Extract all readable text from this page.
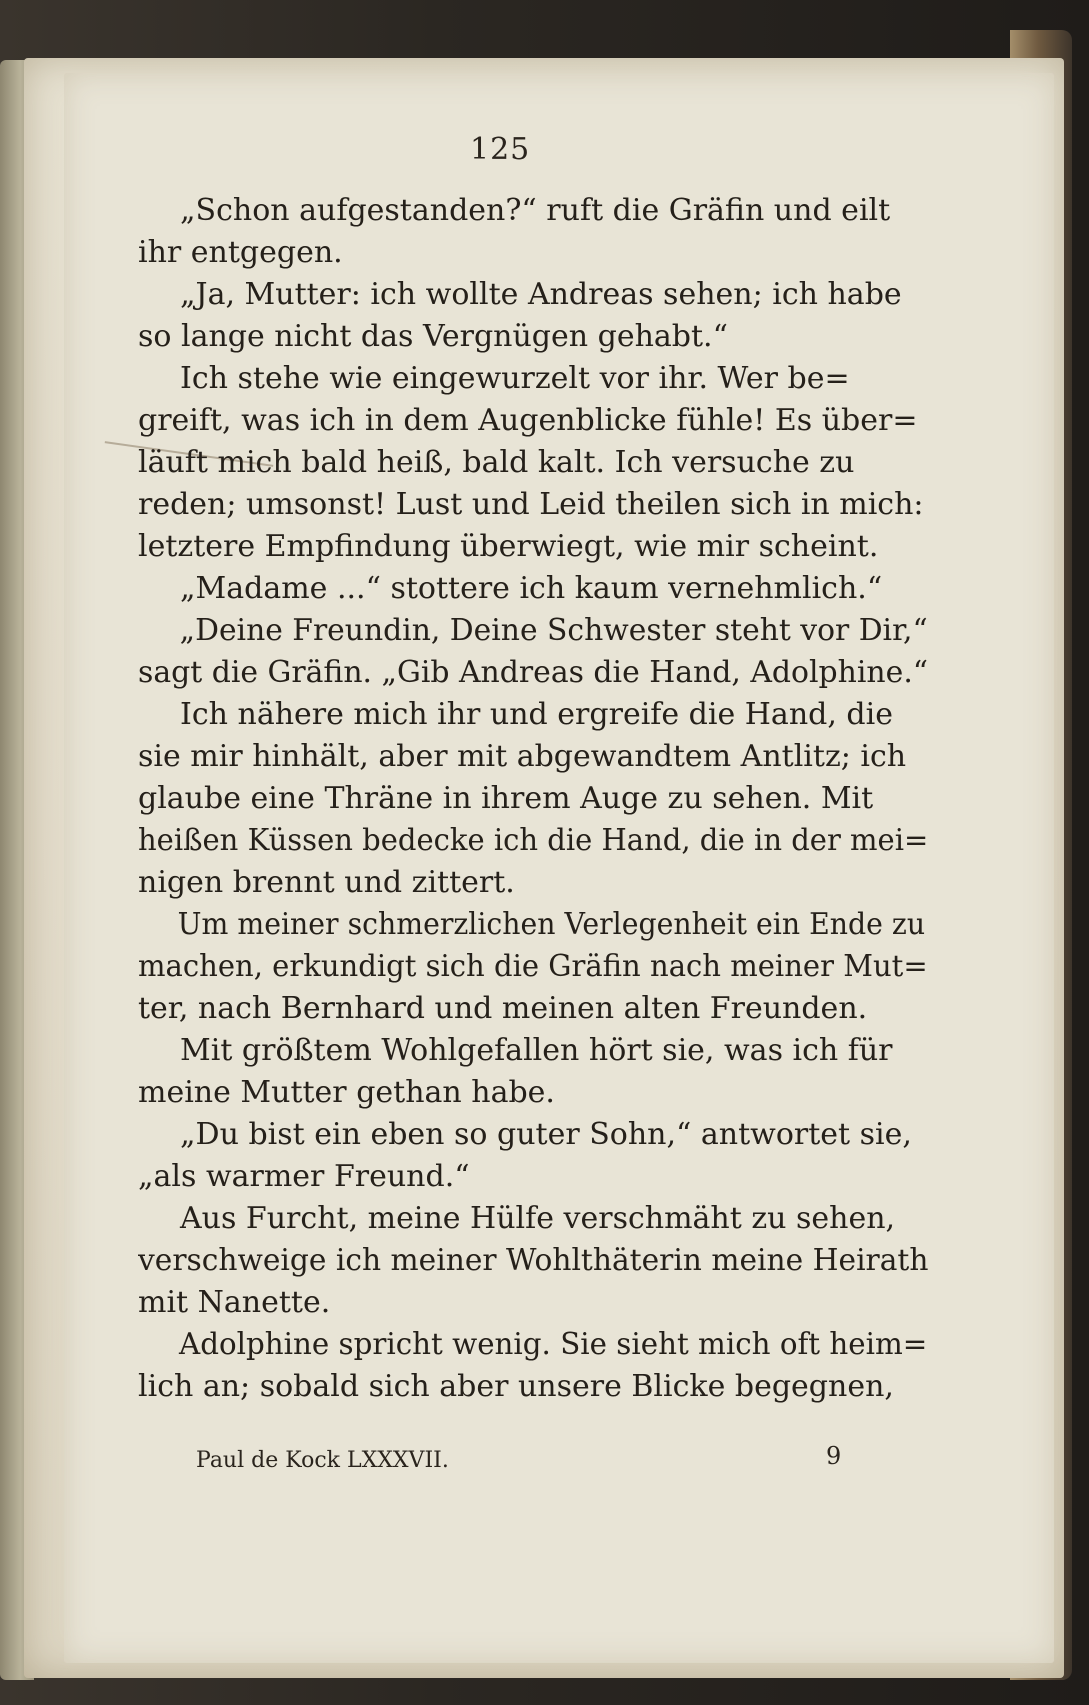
125
„Schon aufgestanden?“ ruft die Gräfin und eilt
ihr entgegen.
„Ja, Mutter: ich wollte Andreas sehen; ich habe
so lange nicht das Vergnügen gehabt.“
Ich stehe wie eingewurzelt vor ihr. Wer be=
greift, was ich in dem Augenblicke fühle! Es über=
läuft mich bald heiß, bald kalt. Ich versuche zu
reden; umsonst! Lust und Leid theilen sich in mich:
letztere Empfindung überwiegt, wie mir scheint.
„Madame ...“ stottere ich kaum vernehmlich.“
„Deine Freundin, Deine Schwester steht vor Dir,“
sagt die Gräfin. „Gib Andreas die Hand, Adolphine.“
Ich nähere mich ihr und ergreife die Hand, die
sie mir hinhält, aber mit abgewandtem Antlitz; ich
glaube eine Thräne in ihrem Auge zu sehen. Mit
heißen Küssen bedecke ich die Hand, die in der mei=
nigen brennt und zittert.
Um meiner schmerzlichen Verlegenheit ein Ende zu
machen, erkundigt sich die Gräfin nach meiner Mut=
ter, nach Bernhard und meinen alten Freunden.
Mit größtem Wohlgefallen hört sie, was ich für
meine Mutter gethan habe.
„Du bist ein eben so guter Sohn,“ antwortet sie,
„als warmer Freund.“
Aus Furcht, meine Hülfe verschmäht zu sehen,
verschweige ich meiner Wohlthäterin meine Heirath
mit Nanette.
Adolphine spricht wenig. Sie sieht mich oft heim=
lich an; sobald sich aber unsere Blicke begegnen,
Paul de Kock LXXXVII.	9
